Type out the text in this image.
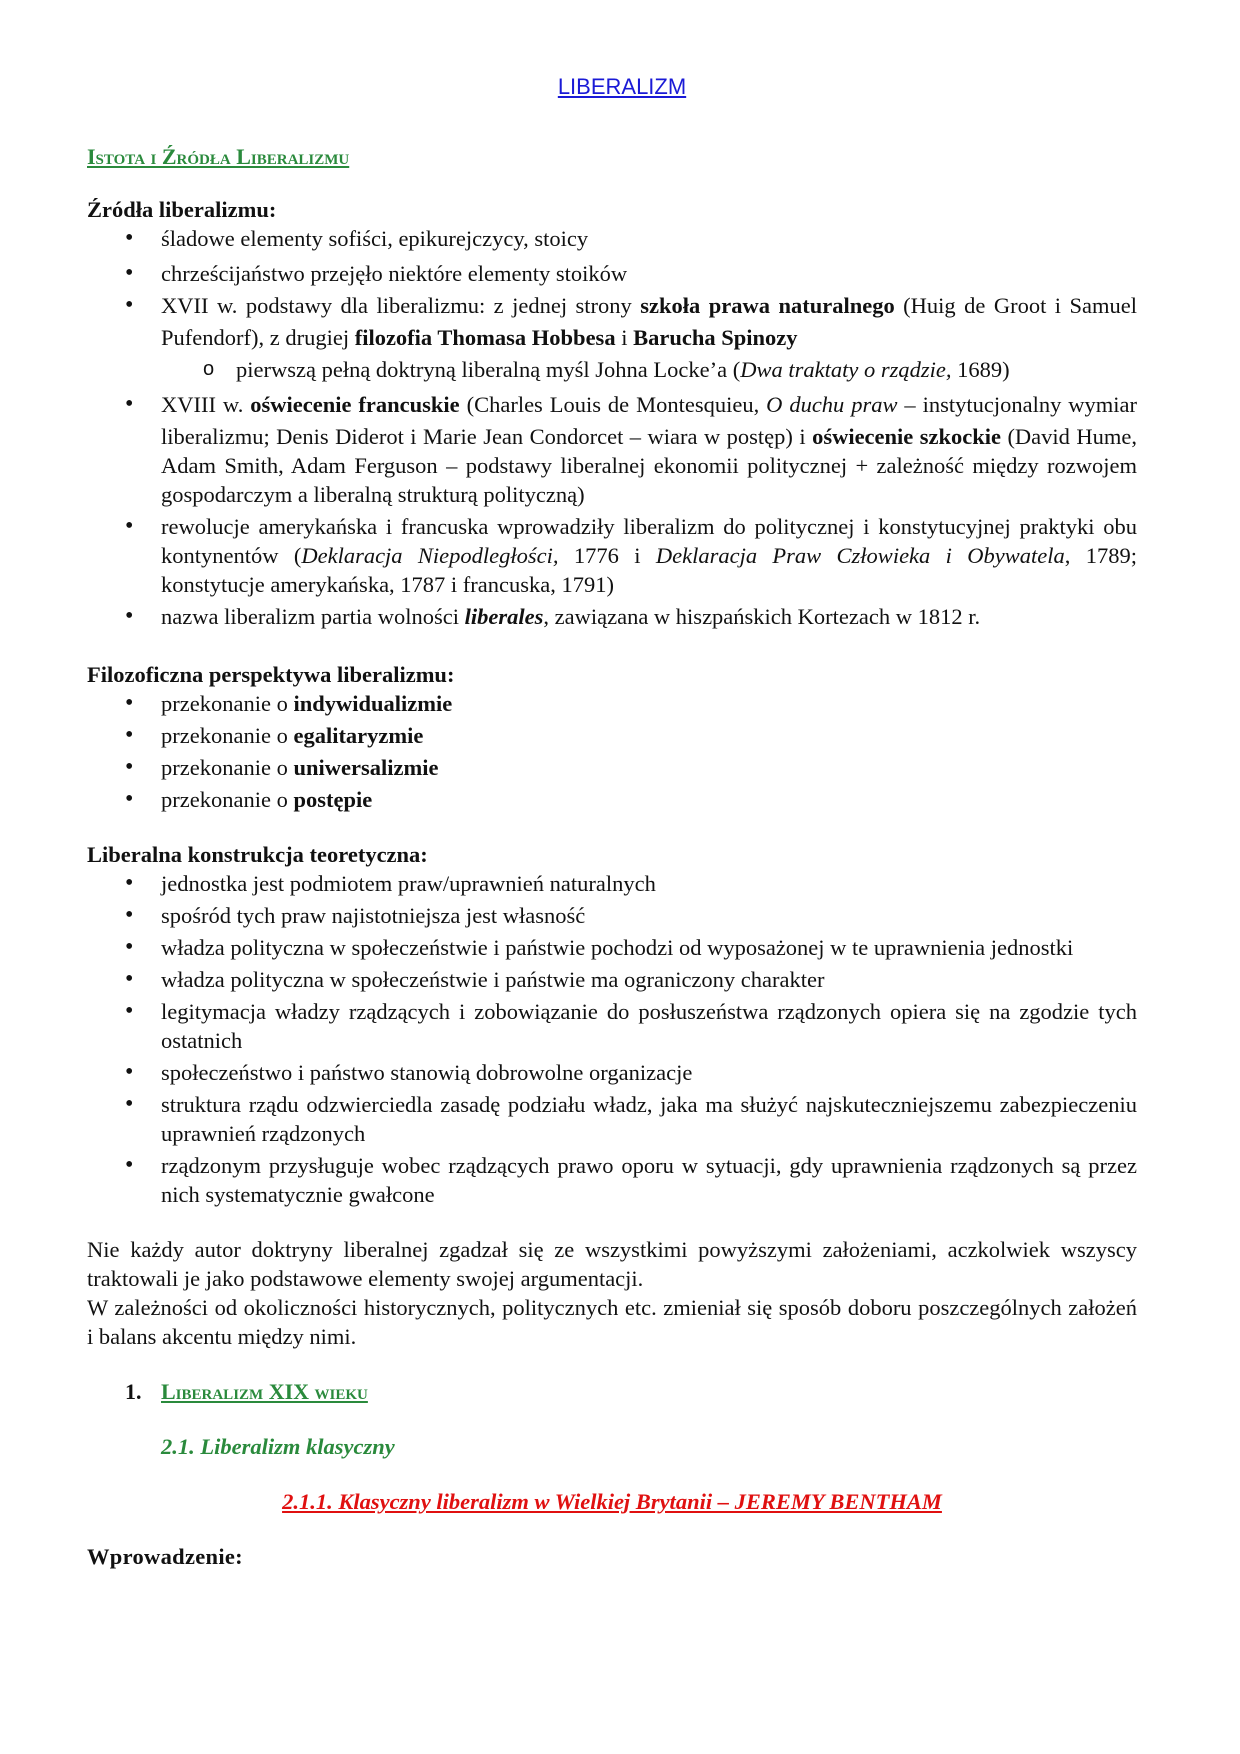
LIBERALIZM

Istota i Źródła Liberalizmu

Źródła liberalizmu:

• śladowe elementy sofiści, epikurejczycy, stoicy
• chrześcijaństwo przejęło niektóre elementy stoików
• XVII w. podstawy dla liberalizmu: z jednej strony szkoła prawa naturalnego (Huig de Groot i Samuel Pufendorf), z drugiej filozofia Thomasa Hobbesa i Barucha Spinozy
o pierwszą pełną doktryną liberalną myśl Johna Locke’a (Dwa traktaty o rządzie, 1689)
• XVIII w. oświecenie francuskie (Charles Louis de Montesquieu, O duchu praw – instytucjonalny wymiar liberalizmu; Denis Diderot i Marie Jean Condorcet – wiara w postęp) i oświecenie szkockie (David Hume, Adam Smith, Adam Ferguson – podstawy liberalnej ekonomii politycznej + zależność między rozwojem gospodarczym a liberalną strukturą polityczną)
• rewolucje amerykańska i francuska wprowadziły liberalizm do politycznej i konstytucyjnej praktyki obu kontynentów (Deklaracja Niepodległości, 1776 i Deklaracja Praw Człowieka i Obywatela, 1789; konstytucje amerykańska, 1787 i francuska, 1791)
• nazwa liberalizm partia wolności liberales, zawiązana w hiszpańskich Kortezach w 1812 r.

Filozoficzna perspektywa liberalizmu:

• przekonanie o indywidualizmie
• przekonanie o egalitaryzmie
• przekonanie o uniwersalizmie
• przekonanie o postępie

Liberalna konstrukcja teoretyczna:

• jednostka jest podmiotem praw/uprawnień naturalnych
• spośród tych praw najistotniejsza jest własność
• władza polityczna w społeczeństwie i państwie pochodzi od wyposażonej w te uprawnienia jednostki
• władza polityczna w społeczeństwie i państwie ma ograniczony charakter
• legitymacja władzy rządzących i zobowiązanie do posłuszeństwa rządzonych opiera się na zgodzie tych ostatnich
• społeczeństwo i państwo stanowią dobrowolne organizacje
• struktura rządu odzwierciedla zasadę podziału władz, jaka ma służyć najskuteczniejszemu zabezpieczeniu uprawnień rządzonych
• rządzonym przysługuje wobec rządzących prawo oporu w sytuacji, gdy uprawnienia rządzonych są przez nich systematycznie gwałcone

Nie każdy autor doktryny liberalnej zgadzał się ze wszystkimi powyższymi założeniami, aczkolwiek wszyscy traktowali je jako podstawowe elementy swojej argumentacji.

W zależności od okoliczności historycznych, politycznych etc. zmieniał się sposób doboru poszczególnych założeń i balans akcentu między nimi.

1. Liberalizm XIX wieku

2.1. Liberalizm klasyczny

2.1.1. Klasyczny liberalizm w Wielkiej Brytanii – JEREMY BENTHAM

Wprowadzenie:
